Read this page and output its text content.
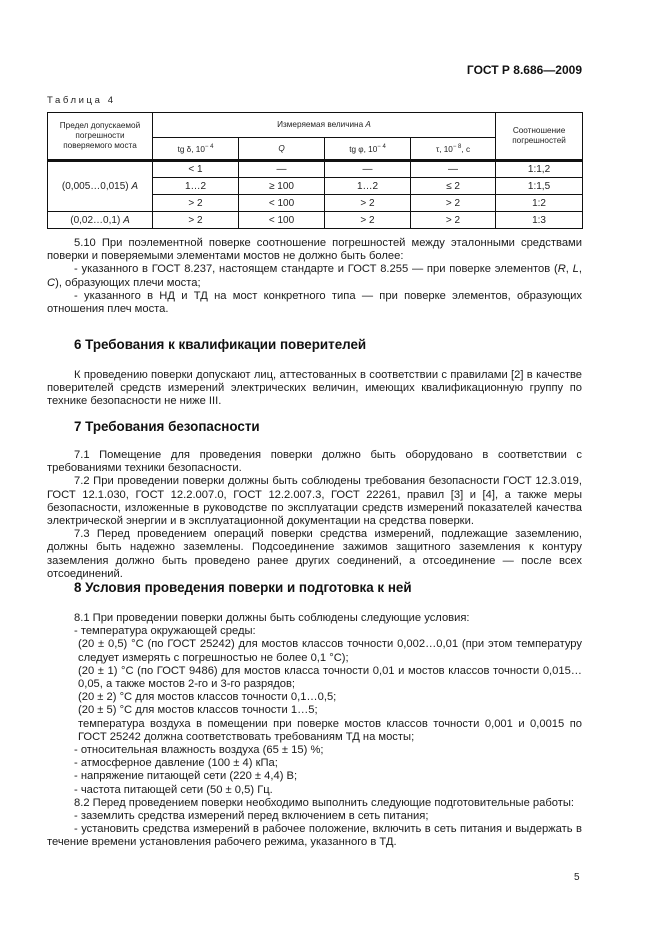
ГОСТ Р 8.686—2009
Таблица 4
Предел допускаемой погрешности поверяемого моста	Измеряемая величина A				Соотношение погрешностей
	tg δ, $10^{- 4}$	Q	tg φ, $10^{- 4}$	τ, $10^{- 8}$, с	
(0,005…0,015) A	< 1	—	—	—	1:1,2
	1…2	≥ 100	1…2	≤ 2	1:1,5
	> 2	< 100	> 2	> 2	1:2
(0,02…0,1) A	> 2	< 100	> 2	> 2	1:3

5.10 При поэлементной поверке соотношение погрешностей между эталонными средствами поверки и поверяемыми элементами мостов не должно быть более:

- указанного в ГОСТ 8.237, настоящем стандарте и ГОСТ 8.255 — при поверке элементов (R, L, C), образующих плечи моста;

- указанного в НД и ТД на мост конкретного типа — при поверке элементов, образующих отношения плеч моста.

6 Требования к квалификации поверителей

К проведению поверки допускают лиц, аттестованных в соответствии с правилами [2] в качестве поверителей средств измерений электрических величин, имеющих квалификационную группу по технике безопасности не ниже III.

7 Требования безопасности

7.1 Помещение для проведения поверки должно быть оборудовано в соответствии с требованиями техники безопасности.

7.2 При проведении поверки должны быть соблюдены требования безопасности ГОСТ 12.3.019, ГОСТ 12.1.030, ГОСТ 12.2.007.0, ГОСТ 12.2.007.3, ГОСТ 22261, правил [3] и [4], а также меры безопасности, изложенные в руководстве по эксплуатации средств измерений показателей качества электрической энергии и в эксплуатационной документации на средства поверки.

7.3 Перед проведением операций поверки средства измерений, подлежащие заземлению, должны быть надежно заземлены. Подсоединение зажимов защитного заземления к контуру заземления должно быть проведено ранее других соединений, а отсоединение — после всех отсоединений.

8 Условия проведения поверки и подготовка к ней

8.1 При проведении поверки должны быть соблюдены следующие условия:

- температура окружающей среды:

(20 ± 0,5) °С (по ГОСТ 25242) для мостов классов точности 0,002…0,01 (при этом температуру следует измерять с погрешностью не более 0,1 °С);

(20 ± 1) °С (по ГОСТ 9486) для мостов класса точности 0,01 и мостов классов точности 0,015…0,05, а также мостов 2-го и 3-го разрядов;

(20 ± 2) °С для мостов классов точности 0,1…0,5;

(20 ± 5) °С для мостов классов точности 1…5;

температура воздуха в помещении при поверке мостов классов точности 0,001 и 0,0015 по ГОСТ 25242 должна соответствовать требованиям ТД на мосты;

- относительная влажность воздуха (65 ± 15) %;

- атмосферное давление (100 ± 4) кПа;

- напряжение питающей сети (220 ± 4,4) В;

- частота питающей сети (50 ± 0,5) Гц.

8.2 Перед проведением поверки необходимо выполнить следующие подготовительные работы:

- заземлить средства измерений перед включением в сеть питания;

- установить средства измерений в рабочее положение, включить в сеть питания и выдержать в течение времени установления рабочего режима, указанного в ТД.

5
